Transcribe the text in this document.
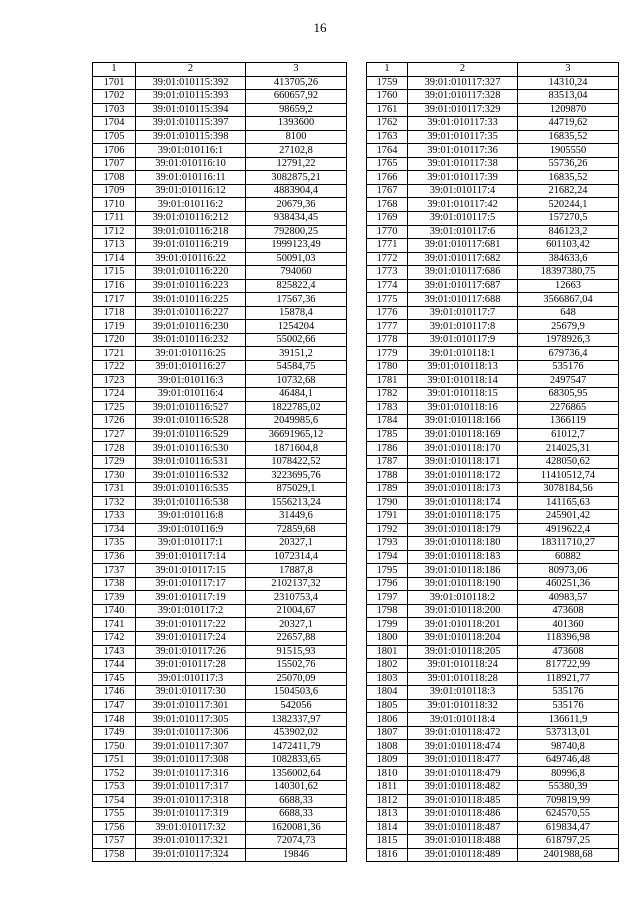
16
1	2	3
1701	39:01:010115:392	413705,26
1702	39:01:010115:393	660657,92
1703	39:01:010115:394	98659,2
1704	39:01:010115:397	1393600
1705	39:01:010115:398	8100
1706	39:01:010116:1	27102,8
1707	39:01:010116:10	12791,22
1708	39:01:010116:11	3082875,21
1709	39:01:010116:12	4883904,4
1710	39:01:010116:2	20679,36
1711	39:01:010116:212	938434,45
1712	39:01:010116:218	792800,25
1713	39:01:010116:219	1999123,49
1714	39:01:010116:22	50091,03
1715	39:01:010116:220	794060
1716	39:01:010116:223	825822,4
1717	39:01:010116:225	17567,36
1718	39:01:010116:227	15878,4
1719	39:01:010116:230	1254204
1720	39:01:010116:232	55002,66
1721	39:01:010116:25	39151,2
1722	39:01:010116:27	54584,75
1723	39:01:010116:3	10732,68
1724	39:01:010116:4	46484,1
1725	39:01:010116:527	1822785,02
1726	39:01:010116:528	2049985,6
1727	39:01:010116:529	36691965,12
1728	39:01:010116:530	1871604,8
1729	39:01:010116:531	1078422,52
1730	39:01:010116:532	3223695,76
1731	39:01:010116:535	875029,1
1732	39:01:010116:538	1556213,24
1733	39:01:010116:8	31449,6
1734	39:01:010116:9	72859,68
1735	39:01:010117:1	20327,1
1736	39:01:010117:14	1072314,4
1737	39:01:010117:15	17887,8
1738	39:01:010117:17	2102137,32
1739	39:01:010117:19	2310753,4
1740	39:01:010117:2	21004,67
1741	39:01:010117:22	20327,1
1742	39:01:010117:24	22657,88
1743	39:01:010117:26	91515,93
1744	39:01:010117:28	15502,76
1745	39:01:010117:3	25070,09
1746	39:01:010117:30	1504503,6
1747	39:01:010117:301	542056
1748	39:01:010117:305	1382337,97
1749	39:01:010117:306	453902,02
1750	39:01:010117:307	1472411,79
1751	39:01:010117:308	1082833,65
1752	39:01:010117:316	1356002,64
1753	39:01:010117:317	140301,62
1754	39:01:010117:318	6688,33
1755	39:01:010117:319	6688,33
1756	39:01:010117:32	1620081,36
1757	39:01:010117:321	72074,73
1758	39:01:010117:324	19846
1	2	3
1759	39:01:010117:327	14310,24
1760	39:01:010117:328	83513,04
1761	39:01:010117:329	1209870
1762	39:01:010117:33	44719,62
1763	39:01:010117:35	16835,52
1764	39:01:010117:36	1905550
1765	39:01:010117:38	55736,26
1766	39:01:010117:39	16835,52
1767	39:01:010117:4	21682,24
1768	39:01:010117:42	520244,1
1769	39:01:010117:5	157270,5
1770	39:01:010117:6	846123,2
1771	39:01:010117:681	601103,42
1772	39:01:010117:682	384633,6
1773	39:01:010117:686	18397380,75
1774	39:01:010117:687	12663
1775	39:01:010117:688	3566867,04
1776	39:01:010117:7	648
1777	39:01:010117:8	25679,9
1778	39:01:010117:9	1978926,3
1779	39:01:010118:1	679736,4
1780	39:01:010118:13	535176
1781	39:01:010118:14	2497547
1782	39:01:010118:15	68305,95
1783	39:01:010118:16	2276865
1784	39:01:010118:166	1366119
1785	39:01:010118:169	61012,7
1786	39:01:010118:170	214025,31
1787	39:01:010118:171	428050,62
1788	39:01:010118:172	11410512,74
1789	39:01:010118:173	3078184,56
1790	39:01:010118:174	141165,63
1791	39:01:010118:175	245901,42
1792	39:01:010118:179	4919622,4
1793	39:01:010118:180	18311710,27
1794	39:01:010118:183	60882
1795	39:01:010118:186	80973,06
1796	39:01:010118:190	460251,36
1797	39:01:010118:2	40983,57
1798	39:01:010118:200	473608
1799	39:01:010118:201	401360
1800	39:01:010118:204	118396,98
1801	39:01:010118:205	473608
1802	39:01:010118:24	817722,99
1803	39:01:010118:28	118921,77
1804	39:01:010118:3	535176
1805	39:01:010118:32	535176
1806	39:01:010118:4	136611,9
1807	39:01:010118:472	537313,01
1808	39:01:010118:474	98740,8
1809	39:01:010118:477	649746,48
1810	39:01:010118:479	80996,8
1811	39:01:010118:482	55380,39
1812	39:01:010118:485	709819,99
1813	39:01:010118:486	624570,55
1814	39:01:010118:487	619834,47
1815	39:01:010118:488	618797,25
1816	39:01:010118:489	2401988,68
